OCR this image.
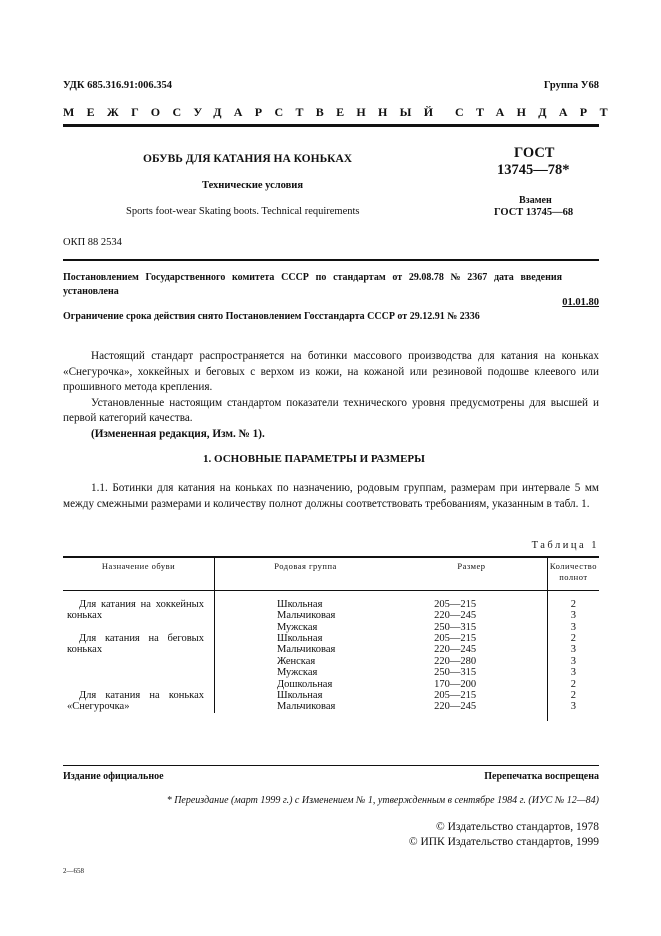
УДК 685.316.91:006.354	Группа У68
МЕЖГОСУДАРСТВЕННЫЙ СТАНДАРТ
ОБУВЬ ДЛЯ КАТАНИЯ НА КОНЬКАХ
Технические условия
Sports foot-wear Skating boots. Technical requirements
ГОСТ
13745—78*
Взамен
ГОСТ 13745—68
ОКП 88 2534
Постановлением Государственного комитета СССР по стандартам от 29.08.78 № 2367 дата введения
установлена
01.01.80
Ограничение срока действия снято Постановлением Госстандарта СССР от 29.12.91 № 2336

Настоящий стандарт распространяется на ботинки массового производства для катания на коньках «Снегурочка», хоккейных и беговых с верхом из кожи, на кожаной или резиновой подошве клеевого или прошивного метода крепления.

Установленные настоящим стандартом показатели технического уровня предусмотрены для высшей и первой категорий качества.

(Измененная редакция, Изм. № 1).

1. ОСНОВНЫЕ ПАРАМЕТРЫ И РАЗМЕРЫ

1.1. Ботинки для катания на коньках по назначению, родовым группам, размерам при интервале 5 мм между смежными размерами и количеству полнот должны соответствовать требованиям, указанным в табл. 1.

Таблица 1
Назначение обуви	Родовая группа	Размер	Количество полнот
Для катания на хоккейных коньках	Школьная	205—215	2
	Мальчиковая	220—245	3
	Мужская	250—315	3
Для катания на беговых коньках	Школьная	205—215	2
	Мальчиковая	220—245	3
	Женская	220—280	3
	Мужская	250—315	3
Для катания на коньках «Снегурочка»	Дошкольная	170—200	2
	Школьная	205—215	2
	Мальчиковая	220—245	3

Издание официальное	Перепечатка воспрещена
* Переиздание (март 1999 г.) с Изменением № 1, утвержденным в сентябре 1984 г. (ИУС № 12—84)
© Издательство стандартов, 1978
© ИПК Издательство стандартов, 1999
2—658
